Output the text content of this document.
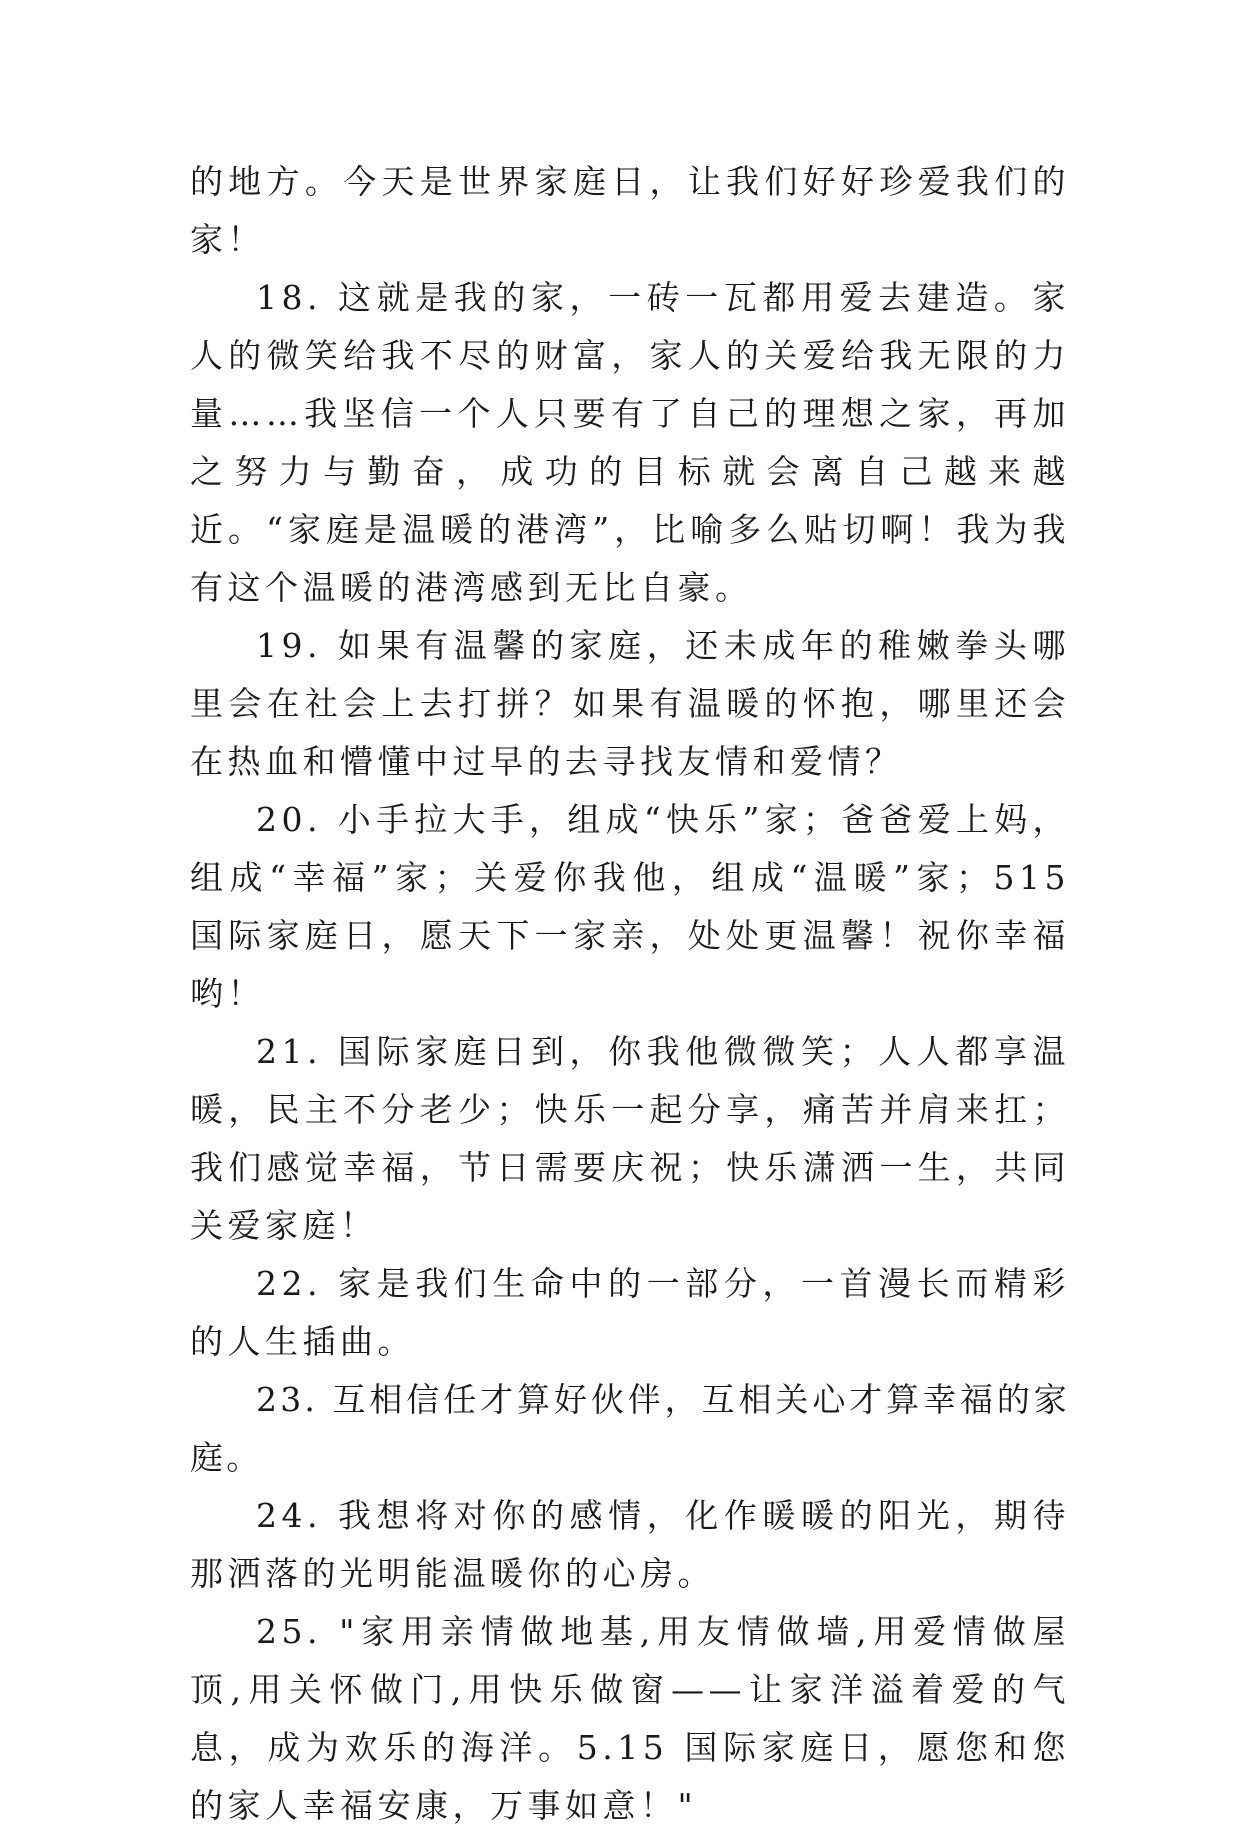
的地方。今天是世界家庭日，让我们好好珍爱我们的家！

18. 这就是我的家，一砖一瓦都用爱去建造。家人的微笑给我不尽的财富，家人的关爱给我无限的力量……我坚信一个人只要有了自己的理想之家，再加之努力与勤奋，成功的目标就会离自己越来越近。“家庭是温暖的港湾”，比喻多么贴切啊！我为我有这个温暖的港湾感到无比自豪。

19. 如果有温馨的家庭，还未成年的稚嫩拳头哪里会在社会上去打拼？如果有温暖的怀抱，哪里还会在热血和懵懂中过早的去寻找友情和爱情？

20. 小手拉大手，组成“快乐”家；爸爸爱上妈，组成“幸福”家；关爱你我他，组成“温暖”家；515 国际家庭日，愿天下一家亲，处处更温馨！祝你幸福哟！

21. 国际家庭日到，你我他微微笑；人人都享温暖，民主不分老少；快乐一起分享，痛苦并肩来扛；我们感觉幸福，节日需要庆祝；快乐潇洒一生，共同关爱家庭！

22. 家是我们生命中的一部分，一首漫长而精彩的人生插曲。

23. 互相信任才算好伙伴，互相关心才算幸福的家庭。

24. 我想将对你的感情，化作暖暖的阳光，期待那洒落的光明能温暖你的心房。

25. "家用亲情做地基,用友情做墙,用爱情做屋顶,用关怀做门,用快乐做窗——让家洋溢着爱的气息，成为欢乐的海洋。5.15 国际家庭日，愿您和您的家人幸福安康，万事如意！"
